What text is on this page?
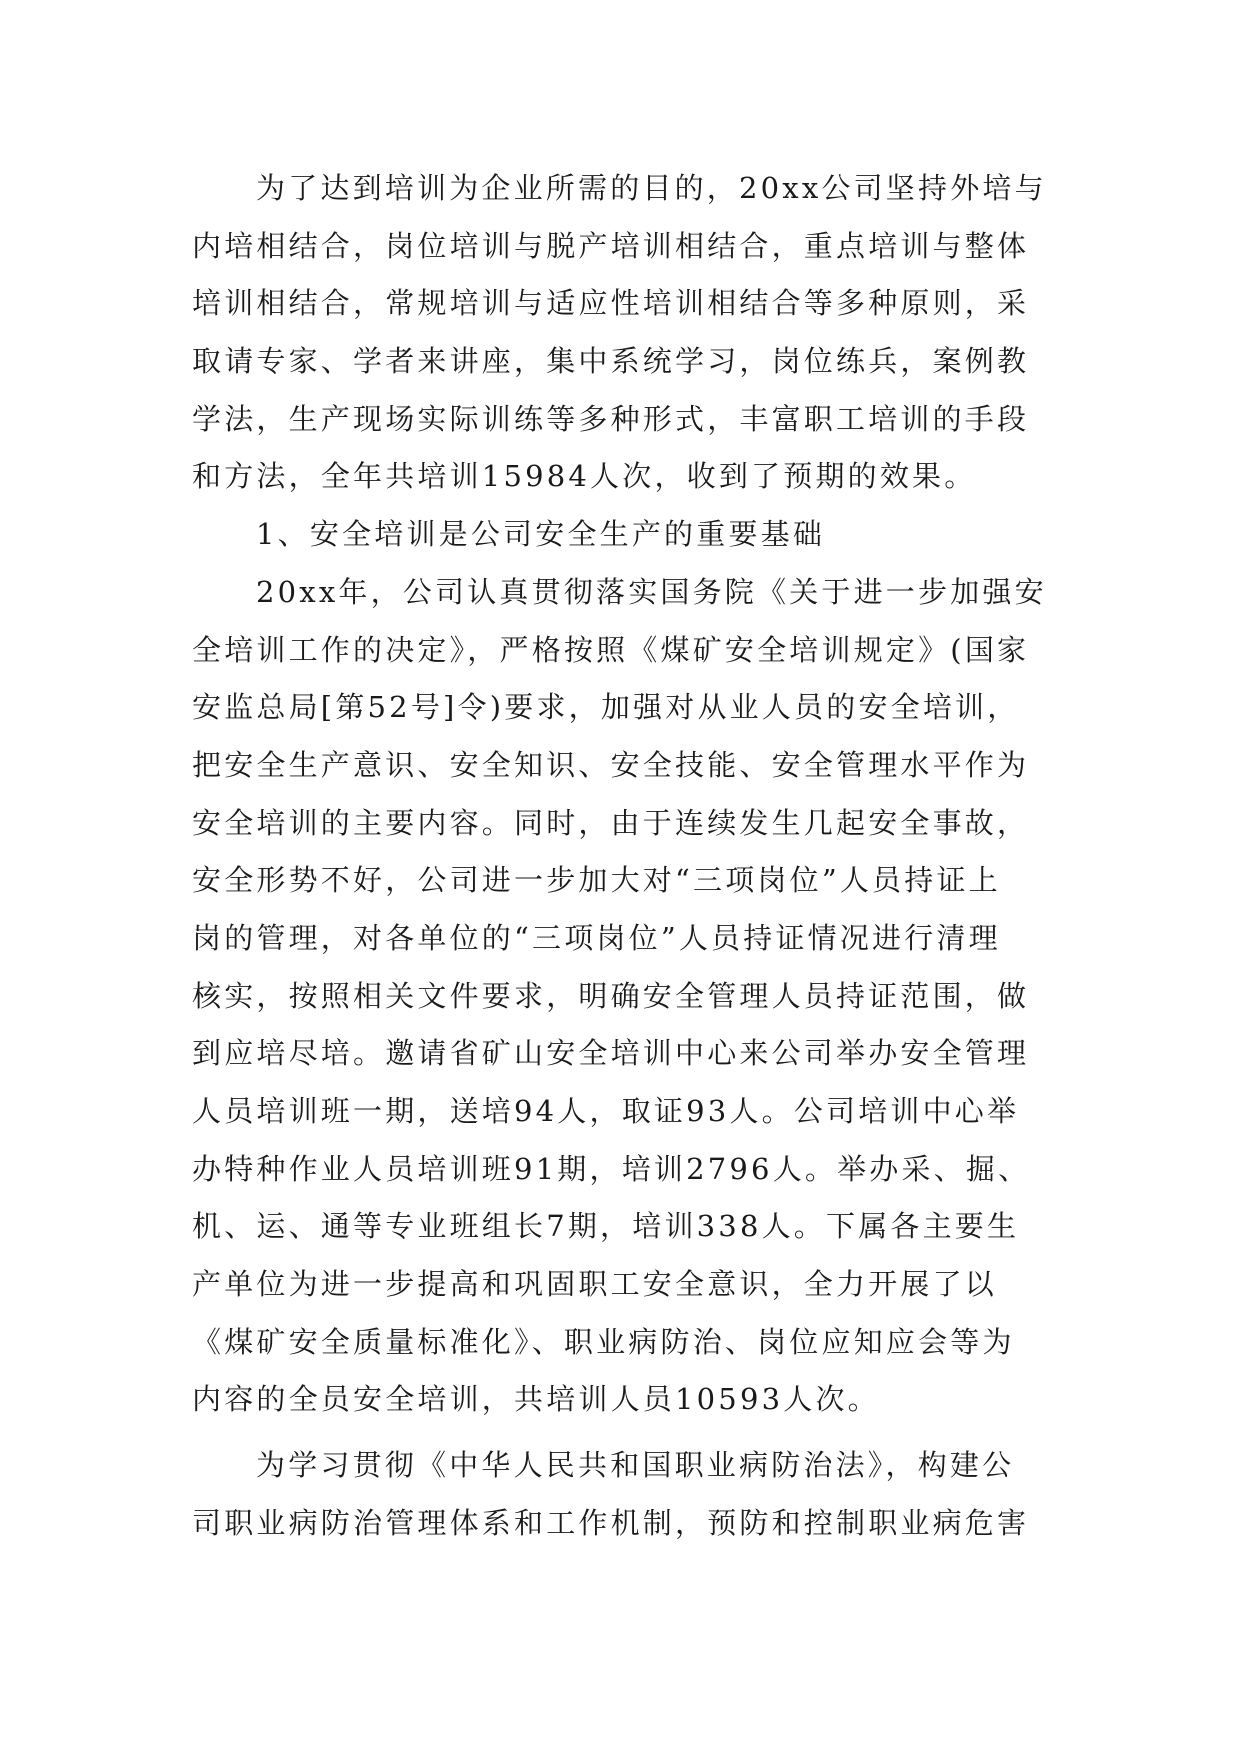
为了达到培训为企业所需的目的，20xx公司坚持外培与
内培相结合，岗位培训与脱产培训相结合，重点培训与整体
培训相结合，常规培训与适应性培训相结合等多种原则，采
取请专家、学者来讲座，集中系统学习，岗位练兵，案例教
学法，生产现场实际训练等多种形式，丰富职工培训的手段
和方法，全年共培训15984人次，收到了预期的效果。
1、安全培训是公司安全生产的重要基础
20xx年，公司认真贯彻落实国务院《关于进一步加强安
全培训工作的决定》，严格按照《煤矿安全培训规定》(国家
安监总局[第52号]令)要求，加强对从业人员的安全培训，
把安全生产意识、安全知识、安全技能、安全管理水平作为
安全培训的主要内容。同时，由于连续发生几起安全事故，
安全形势不好，公司进一步加大对“三项岗位”人员持证上
岗的管理，对各单位的“三项岗位”人员持证情况进行清理
核实，按照相关文件要求，明确安全管理人员持证范围，做
到应培尽培。邀请省矿山安全培训中心来公司举办安全管理
人员培训班一期，送培94人，取证93人。公司培训中心举
办特种作业人员培训班91期，培训2796人。举办采、掘、
机、运、通等专业班组长7期，培训338人。下属各主要生
产单位为进一步提高和巩固职工安全意识，全力开展了以
《煤矿安全质量标准化》、职业病防治、岗位应知应会等为
内容的全员安全培训，共培训人员10593人次。
为学习贯彻《中华人民共和国职业病防治法》，构建公
司职业病防治管理体系和工作机制，预防和控制职业病危害
